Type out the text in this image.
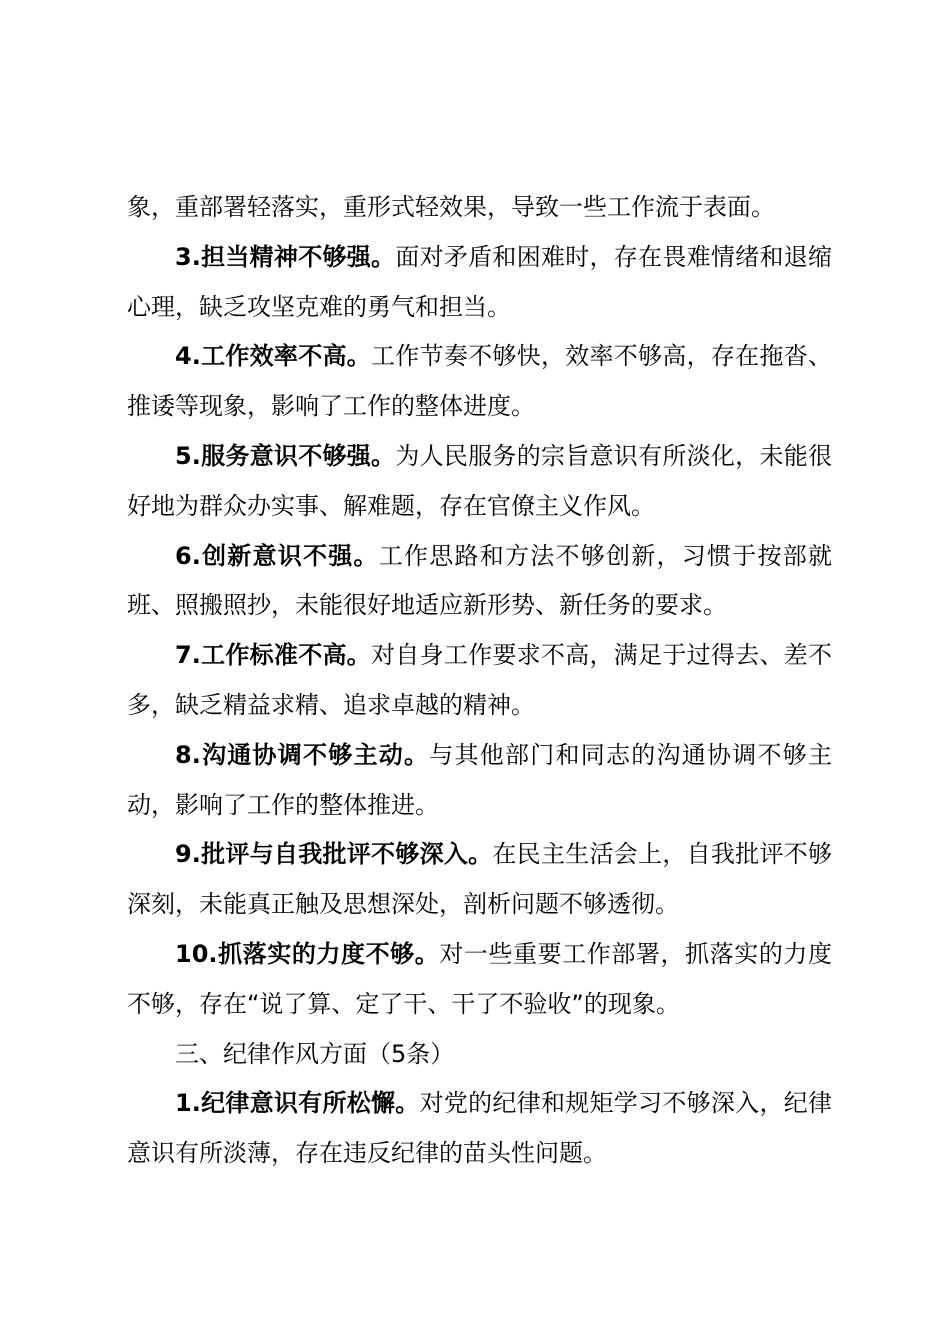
象，重部署轻落实，重形式轻效果，导致一些工作流于表面。

3.担当精神不够强。面对矛盾和困难时，存在畏难情绪和退缩心理，缺乏攻坚克难的勇气和担当。

4.工作效率不高。工作节奏不够快，效率不够高，存在拖沓、推诿等现象，影响了工作的整体进度。

5.服务意识不够强。为人民服务的宗旨意识有所淡化，未能很好地为群众办实事、解难题，存在官僚主义作风。

6.创新意识不强。工作思路和方法不够创新，习惯于按部就班、照搬照抄，未能很好地适应新形势、新任务的要求。

7.工作标准不高。对自身工作要求不高，满足于过得去、差不多，缺乏精益求精、追求卓越的精神。

8.沟通协调不够主动。与其他部门和同志的沟通协调不够主动，影响了工作的整体推进。

9.批评与自我批评不够深入。在民主生活会上，自我批评不够深刻，未能真正触及思想深处，剖析问题不够透彻。

10.抓落实的力度不够。对一些重要工作部署，抓落实的力度不够，存在“说了算、定了干、干了不验收”的现象。

三、纪律作风方面（5条）

1.纪律意识有所松懈。对党的纪律和规矩学习不够深入，纪律意识有所淡薄，存在违反纪律的苗头性问题。
